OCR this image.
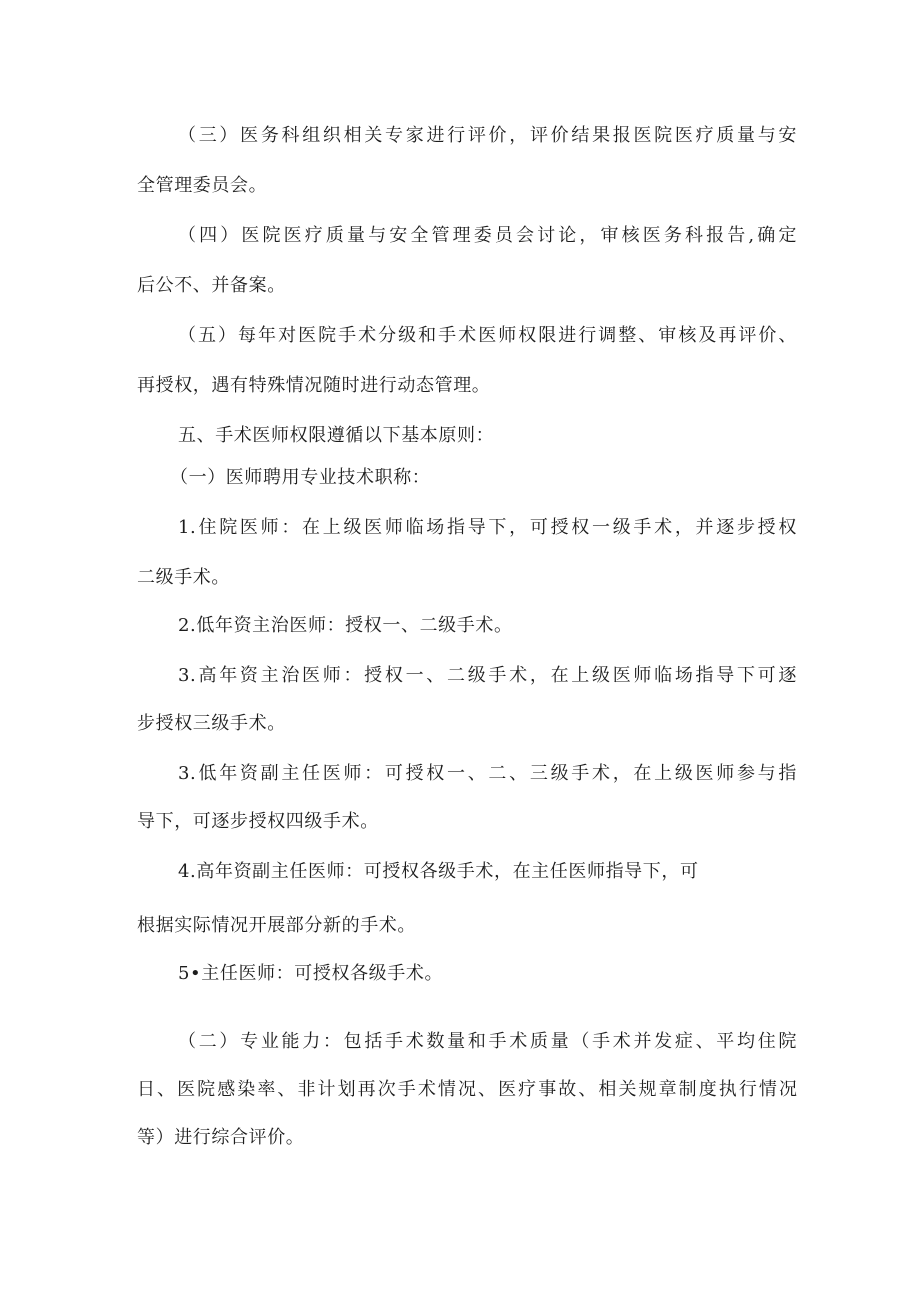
（三）医务科组织相关专家进行评价，评价结果报医院医疗质量与安
全管理委员会。
（四）医院医疗质量与安全管理委员会讨论，审核医务科报告,确定
后公不、并备案。
（五）每年对医院手术分级和手术医师权限进行调整、审核及再评价、
再授权，遇有特殊情况随时进行动态管理。
五、手术医师权限遵循以下基本原则：
（一）医师聘用专业技术职称：
1.住院医师：在上级医师临场指导下，可授权一级手术，并逐步授权
二级手术。
2.低年资主治医师：授权一、二级手术。
3.高年资主治医师：授权一、二级手术，在上级医师临场指导下可逐
步授权三级手术。
3.低年资副主任医师：可授权一、二、三级手术，在上级医师参与指
导下，可逐步授权四级手术。
4.高年资副主任医师：可授权各级手术，在主任医师指导下，可
根据实际情况开展部分新的手术。
5•主任医师：可授权各级手术。
（二）专业能力：包括手术数量和手术质量（手术并发症、平均住院
日、医院感染率、非计划再次手术情况、医疗事故、相关规章制度执行情况
等）进行综合评价。
